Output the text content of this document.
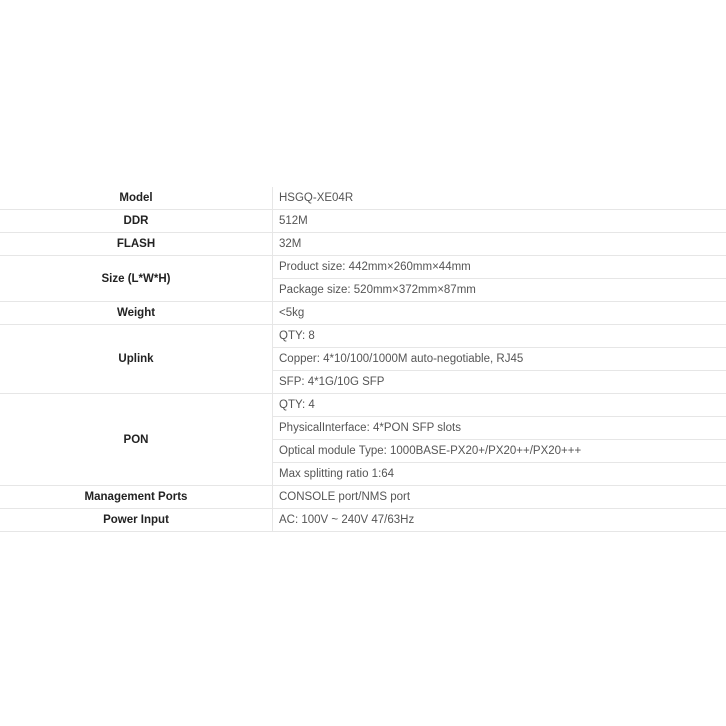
Model	HSGQ-XE04R
DDR	512M
FLASH	32M
Size (L*W*H)	Product size: 442mm×260mm×44mm
	Package size: 520mm×372mm×87mm
Weight	<5kg
Uplink	QTY: 8
	Copper: 4*10/100/1000M auto-negotiable, RJ45
	SFP: 4*1G/10G SFP
PON	QTY: 4
	PhysicalInterface: 4*PON SFP slots
	Optical module Type: 1000BASE-PX20+/PX20++/PX20+++
	Max splitting ratio 1:64
Management Ports	CONSOLE port/NMS port
Power Input	AC: 100V ~ 240V 47/63Hz
